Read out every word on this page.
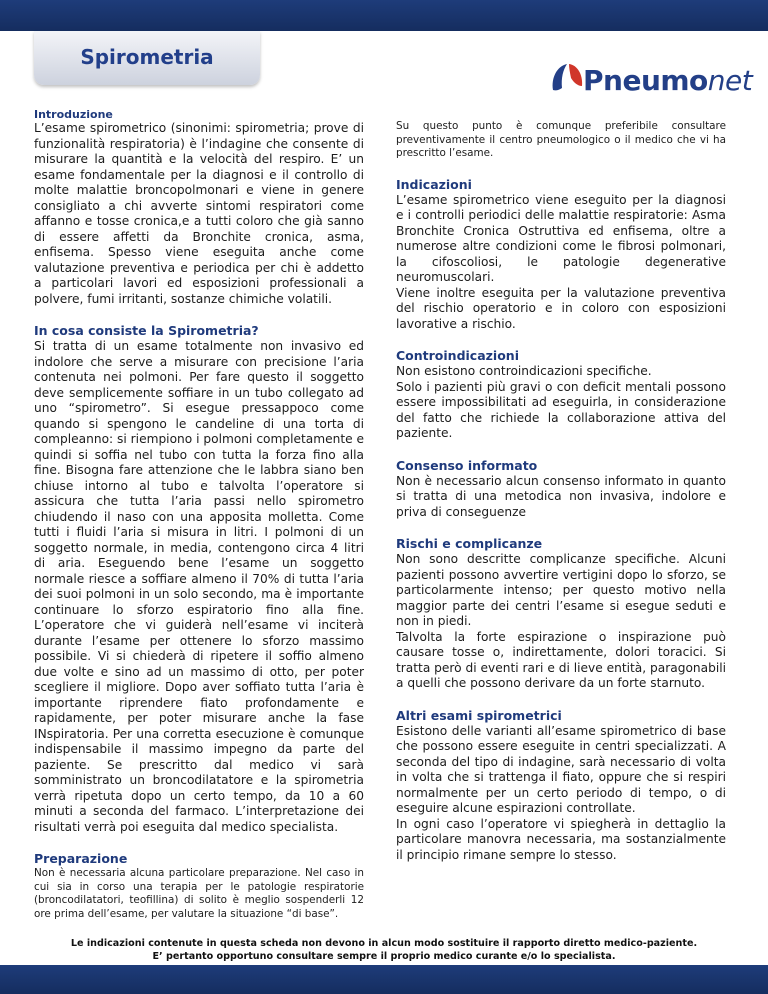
Spirometria
Pneumonet
Introduzione

L’esame spirometrico (sinonimi: spirometria; prove di funzionalità respiratoria) è l’indagine che consente di misurare la quantità e la velocità del respiro. E’ un esame fondamentale per la diagnosi e il controllo di molte malattie broncopolmonari e viene in genere consigliato a chi avverte sintomi respiratori come affanno e tosse cronica,e a tutti coloro che già sanno di essere affetti da Bronchite cronica, asma, enfisema. Spesso viene eseguita anche come valutazione preventiva e periodica per chi è addetto a particolari lavori ed esposizioni professionali a polvere, fumi irritanti, sostanze chimiche volatili.

In cosa consiste la Spirometria?

Si tratta di un esame totalmente non invasivo ed indolore che serve a misurare con precisione l’aria contenuta nei polmoni. Per fare questo il soggetto deve semplicemente soffiare in un tubo collegato ad uno “spirometro”. Si esegue pressappoco come quando si spengono le candeline di una torta di compleanno: si riempiono i polmoni completamente e quindi si soffia nel tubo con tutta la forza fino alla fine. Bisogna fare attenzione che le labbra siano ben chiuse intorno al tubo e talvolta l’operatore si assicura che tutta l’aria passi nello spirometro chiudendo il naso con una apposita molletta. Come tutti i fluidi l’aria si misura in litri. I polmoni di un soggetto normale, in media, contengono circa 4 litri di aria. Eseguendo bene l’esame un soggetto normale riesce a soffiare almeno il 70% di tutta l’aria dei suoi polmoni in un solo secondo, ma è importante continuare lo sforzo espiratorio fino alla fine. L’operatore che vi guiderà nell’esame vi inciterà durante l’esame per ottenere lo sforzo massimo possibile. Vi si chiederà di ripetere il soffio almeno due volte e sino ad un massimo di otto, per poter scegliere il migliore. Dopo aver soffiato tutta l’aria è importante riprendere fiato profondamente e rapidamente, per poter misurare anche la fase INspiratoria. Per una corretta esecuzione è comunque indispensabile il massimo impegno da parte del paziente. Se prescritto dal medico vi sarà somministrato un broncodilatatore e la spirometria verrà ripetuta dopo un certo tempo, da 10 a 60 minuti a seconda del farmaco. L’interpretazione dei risultati verrà poi eseguita dal medico specialista.

Preparazione

Non è necessaria alcuna particolare preparazione. Nel caso in cui sia in corso una terapia per le patologie respiratorie (broncodilatatori, teofillina) di solito è meglio sospenderli 12 ore prima dell’esame, per valutare la situazione “di base”.

Su questo punto è comunque preferibile consultare preventivamente il centro pneumologico o il medico che vi ha prescritto l’esame.

Indicazioni

L’esame spirometrico viene eseguito per la diagnosi e i controlli periodici delle malattie respiratorie: Asma Bronchite Cronica Ostruttiva ed enfisema, oltre a numerose altre condizioni come le fibrosi polmonari, la cifoscoliosi, le patologie degenerative neuromuscolari.

Viene inoltre eseguita per la valutazione preventiva del rischio operatorio e in coloro con esposizioni lavorative a rischio.

Controindicazioni

Non esistono controindicazioni specifiche.

Solo i pazienti più gravi o con deficit mentali possono essere impossibilitati ad eseguirla, in considerazione del fatto che richiede la collaborazione attiva del paziente.

Consenso informato

Non è necessario alcun consenso informato in quanto si tratta di una metodica non invasiva, indolore e priva di conseguenze

Rischi e complicanze

Non sono descritte complicanze specifiche. Alcuni pazienti possono avvertire vertigini dopo lo sforzo, se particolarmente intenso; per questo motivo nella maggior parte dei centri l’esame si esegue seduti e non in piedi.

Talvolta la forte espirazione o inspirazione può causare tosse o, indirettamente, dolori toracici. Si tratta però di eventi rari e di lieve entità, paragonabili a quelli che possono derivare da un forte starnuto.

Altri esami spirometrici

Esistono delle varianti all’esame spirometrico di base che possono essere eseguite in centri specializzati. A seconda del tipo di indagine, sarà necessario di volta in volta che si trattenga il fiato, oppure che si respiri normalmente per un certo periodo di tempo, o di eseguire alcune espirazioni controllate.

In ogni caso l’operatore vi spiegherà in dettaglio la particolare manovra necessaria, ma sostanzialmente il principio rimane sempre lo stesso.

Le indicazioni contenute in questa scheda non devono in alcun modo sostituire il rapporto diretto medico-paziente.
E’ pertanto opportuno consultare sempre il proprio medico curante e/o lo specialista.
